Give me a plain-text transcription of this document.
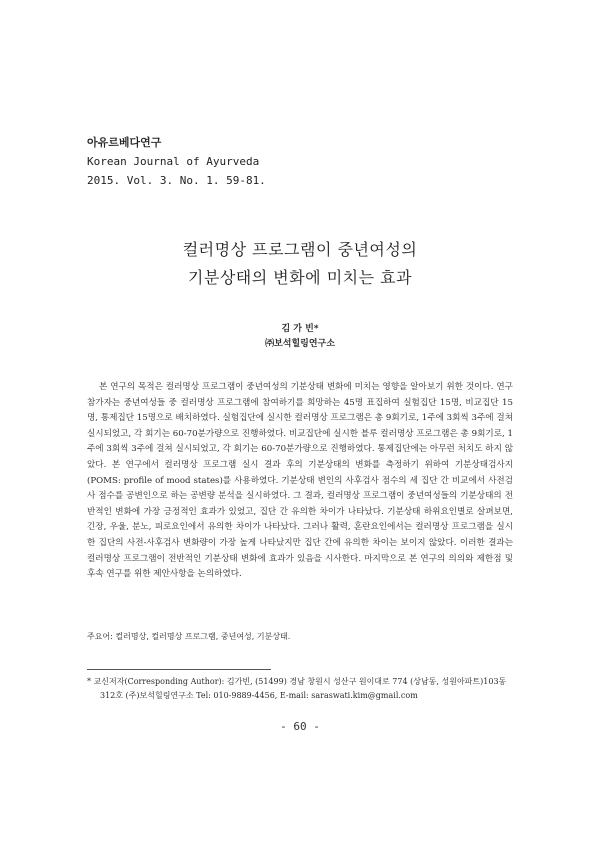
아유르베다연구
Korean Journal of Ayurveda
2015. Vol. 3. No. 1. 59-81.
컬러명상 프로그램이 중년여성의
기분상태의 변화에 미치는 효과
김 가 빈*
㈜보석힐링연구소

본 연구의 목적은 컬러명상 프로그램이 중년여성의 기분상태 변화에 미치는 영향을 알아보기 위한 것이다. 연구 참가자는 중년여성들 중 컬러명상 프로그램에 참여하기를 희망하는 45명 표집하여 실험집단 15명, 비교집단 15명, 통제집단 15명으로 배치하였다. 실험집단에 실시한 컬러명상 프로그램은 총 9회기로, 1주에 3회씩 3주에 걸쳐 실시되었고, 각 회기는 60-70분가량으로 진행하였다. 비교집단에 실시한 블루 컬러명상 프로그램은 총 9회기로, 1주에 3회씩 3주에 걸쳐 실시되었고, 각 회기는 60-70분가량으로 진행하였다. 통제집단에는 아무런 처치도 하지 않았다. 본 연구에서 컬러명상 프로그램 실시 결과 후의 기분상태의 변화를 측정하기 위하여 기분상태검사지(POMS: profile of mood states)를 사용하였다. 기분상태 변인의 사후검사 점수의 세 집단 간 비교에서 사전검사 점수를 공변인으로 하는 공변량 분석을 실시하였다. 그 결과, 컬러명상 프로그램이 중년여성들의 기분상태의 전반적인 변화에 가장 긍정적인 효과가 있었고, 집단 간 유의한 차이가 나타났다. 기분상태 하위요인별로 살펴보면, 긴장, 우울, 분노, 피로요인에서 유의한 차이가 나타났다. 그러나 활력, 혼란요인에서는 컬러명상 프로그램을 실시한 집단의 사전-사후검사 변화량이 가장 높게 나타났지만 집단 간에 유의한 차이는 보이지 않았다. 이러한 결과는 컬러명상 프로그램이 전반적인 기분상태 변화에 효과가 있음을 시사한다. 마지막으로 본 연구의 의의와 제한점 및 후속 연구를 위한 제안사항을 논의하였다.

주요어: 컬러명상, 컬러명상 프로그램, 중년여성, 기분상태.
* 교신저자(Corresponding Author): 김가빈, (51499) 경남 창원시 성산구 원이대로 774 (상남동, 성원아파트)103동
312호 (주)보석힐링연구소 Tel: 010-9889-4456, E-mail: saraswati.kim@gmail.com
- 60 -
